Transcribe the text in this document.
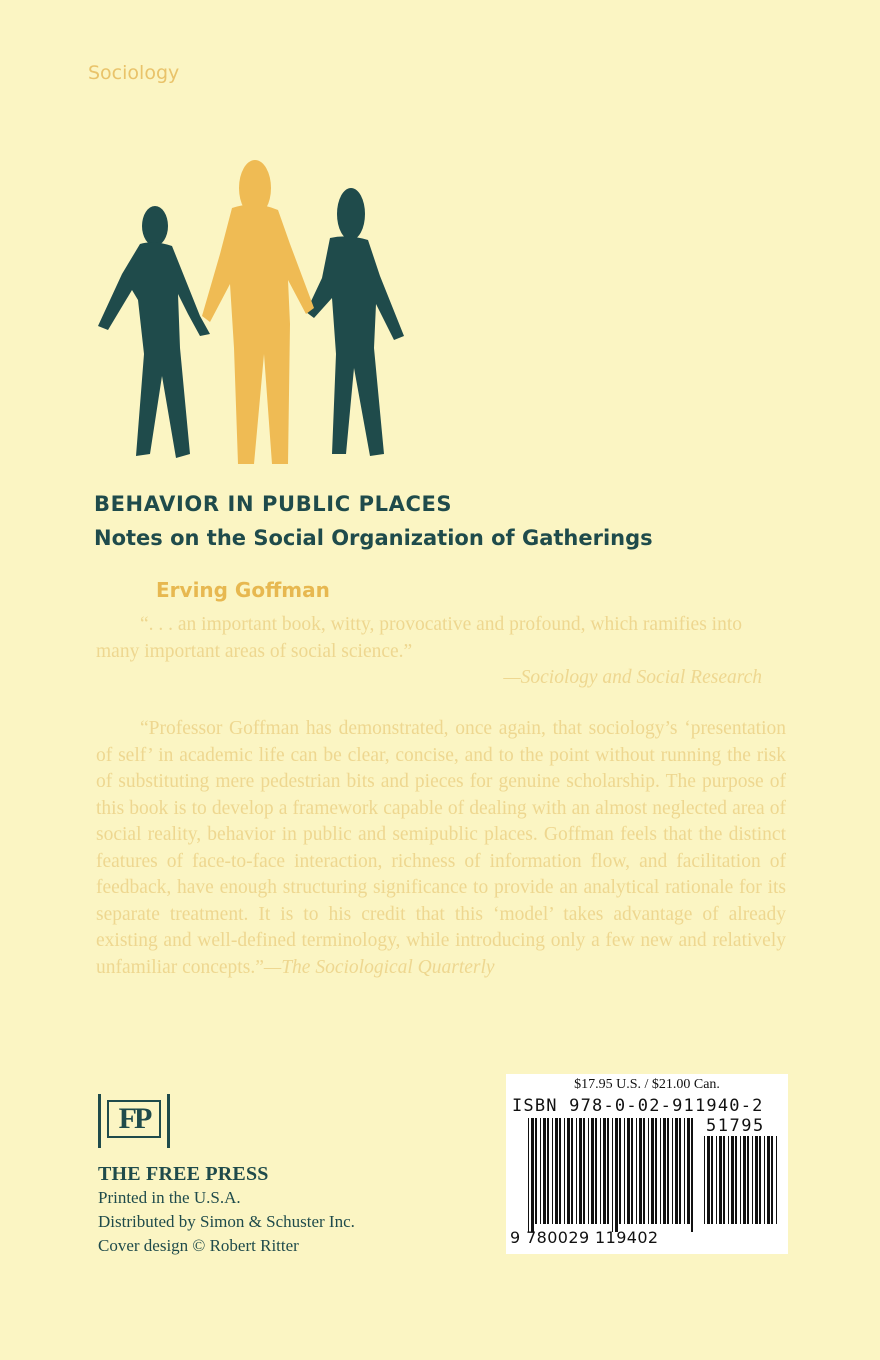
Sociology
BEHAVIOR IN PUBLIC PLACES
Notes on the Social Organization of Gatherings
Erving Goffman
“. . . an important book, witty, provocative and profound, which ramifies into many important areas of social science.”
—Sociology and Social Research
“Professor Goffman has demonstrated, once again, that sociology’s ‘presentation of self’ in academic life can be clear, concise, and to the point without running the risk of substituting mere pedestrian bits and pieces for genuine scholarship. The purpose of this book is to develop a framework capable of dealing with an almost neglected area of social reality, behavior in public and semipublic places. Goffman feels that the distinct features of face-to-face interaction, richness of information flow, and facilitation of feedback, have enough structuring significance to provide an analytical rationale for its separate treatment. It is to his credit that this ‘model’ takes advantage of already existing and well-defined terminology, while introducing only a few new and relatively unfamiliar concepts.”—The Sociological Quarterly
FP
THE FREE PRESS
Printed in the U.S.A.
Distributed by Simon & Schuster Inc.
Cover design © Robert Ritter
$17.95 U.S. / $21.00 Can.
ISBN 978-0-02-911940-2
51795
9 780029 119402
